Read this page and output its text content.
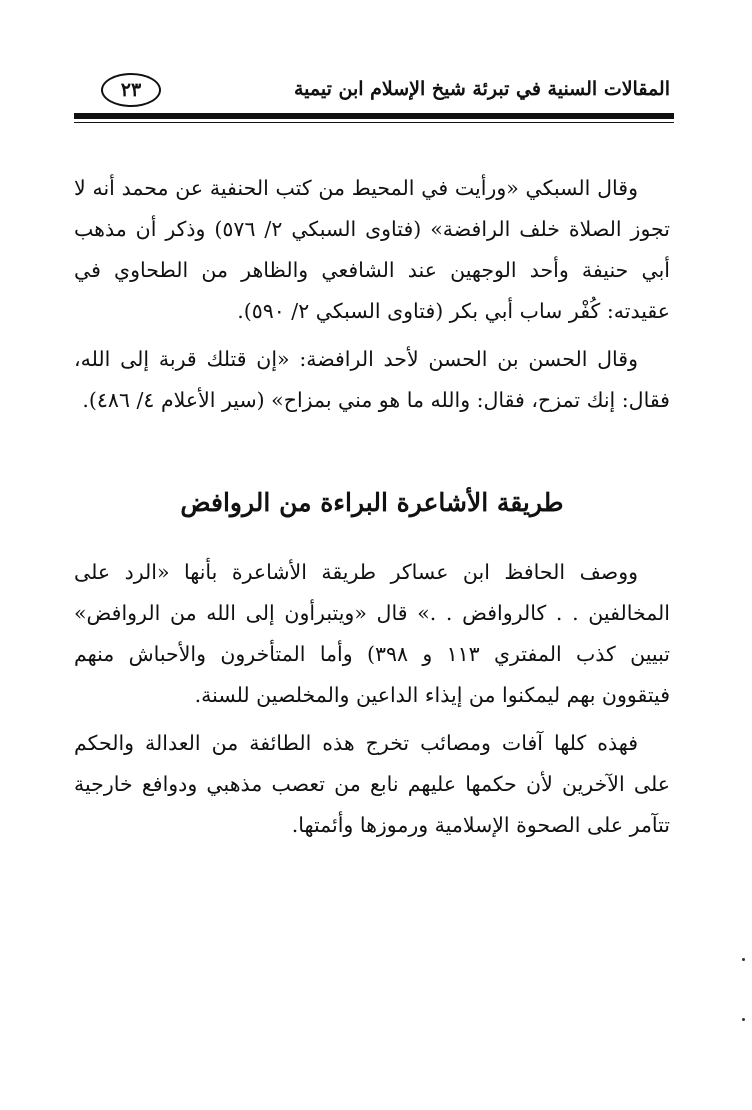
المقالات السنية في تبرئة شيخ الإسلام ابن تيمية
٢٣

وقال السبكي «ورأيت في المحيط من كتب الحنفية عن محمد أنه لا تجوز الصلاة خلف الرافضة» (فتاوى السبكي ٢/ ٥٧٦) وذكر أن مذهب أبي حنيفة وأحد الوجهين عند الشافعي والظاهر من الطحاوي في عقيدته: كُفْر ساب أبي بكر (فتاوى السبكي ٢/ ٥٩٠).

وقال الحسن بن الحسن لأحد الرافضة: «إن قتلك قربة إلى الله، فقال: إنك تمزح، فقال: والله ما هو مني بمزاح» (سير الأعلام ٤/ ٤٨٦).

طريقة الأشاعرة البراءة من الروافض

ووصف الحافظ ابن عساكر طريقة الأشاعرة بأنها «الرد على المخالفين . . كالروافض . .» قال «ويتبرأون إلى الله من الروافض» تبيين كذب المفتري ١١٣ و ٣٩٨) وأما المتأخرون والأحباش منهم فيتقوون بهم ليمكنوا من إيذاء الداعين والمخلصين للسنة.

فهذه كلها آفات ومصائب تخرج هذه الطائفة من العدالة والحكم على الآخرين لأن حكمها عليهم نابع من تعصب مذهبي ودوافع خارجية تتآمر على الصحوة الإسلامية ورموزها وأئمتها.
